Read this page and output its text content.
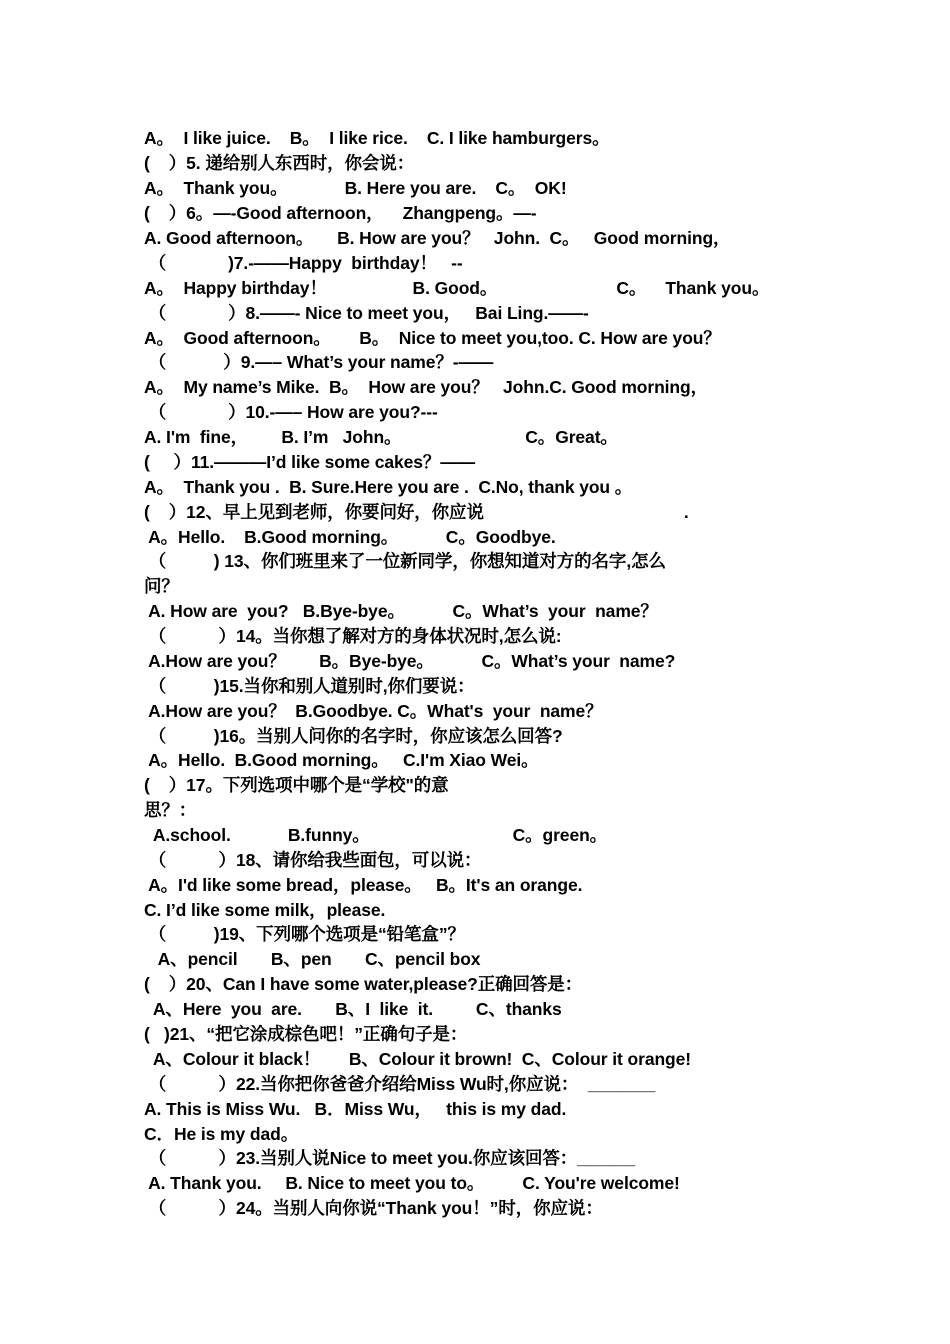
A。  I like juice.    B。  I like rice.    C. I like hamburgers。
(    ）5. 递给别人东西时，你会说：
A。  Thank you。            B. Here you are.    C。  OK!
(    ）6。—-Good afternoon，    Zhangpeng。—-
A. Good afternoon。     B. How are you？   John.  C。   Good morning，
（             )7.-——Happy  birthday！   --
A。  Happy birthday！                  B. Good。                         C。    Thank you。
（             ）8.——- Nice to meet you，   Bai Ling.——-
A。  Good afternoon。      B。  Nice to meet you,too. C. How are you？
（            ）9.—– What’s your name？-——
A。  My name’s Mike.  B。  How are you？   John.C. Good morning，
（             ）10.-—– How are you?---
A. I'm  fine，       B. I’m   John。                          C。Great。
(     ）11.———I’d like some cakes？——
A。  Thank you .  B. Sure.Here you are .  C.No, thank you 。
(    ）12、早上见到老师，你要问好，你应说                                          .
A。Hello.    B.Good morning。          C。Goodbye.
（          ) 13、你们班里来了一位新同学，你想知道对方的名字,怎么
问？
A. How are  you?   B.Bye-bye。          C。What’s  your  name？
（           ）14。当你想了解对方的身体状况时,怎么说:
A.How are you？       B。Bye-bye。          C。What’s your  name?
（          )15.当你和别人道别时,你们要说：
A.How are you？  B.Goodbye. C。What's  your  name？
（          )16。当别人问你的名字时，你应该怎么回答?
A。Hello.  B.Good morning。   C.I'm Xiao Wei。
(    ）17。下列选项中哪个是“学校"的意
思？：
A.school.            B.funny。                              C。green。
（           ）18、请你给我些面包，可以说：
A。I'd like some bread，please。   B。It's an orange.
C. I’d like some milk，please.
（          )19、下列哪个选项是“铅笔盒”？
A、pencil       B、pen       C、pencil box
(    ）20、Can I have some water,please?正确回答是：
A、Here  you  are.       B、I  like  it.         C、thanks
(   )21、“把它涂成棕色吧！”正确句子是：
A、Colour it black！      B、Colour it brown!  C、Colour it orange!
（           ）22.当你把你爸爸介绍给Miss Wu时,你应说：  _______
A. This is Miss Wu.   B．Miss Wu，   this is my dad.
C．He is my dad。
（           ）23.当别人说Nice to meet you.你应该回答：______
A. Thank you.     B. Nice to meet you to。        C. You're welcome!
（           ）24。当别人向你说“Thank you！”时，你应说：
